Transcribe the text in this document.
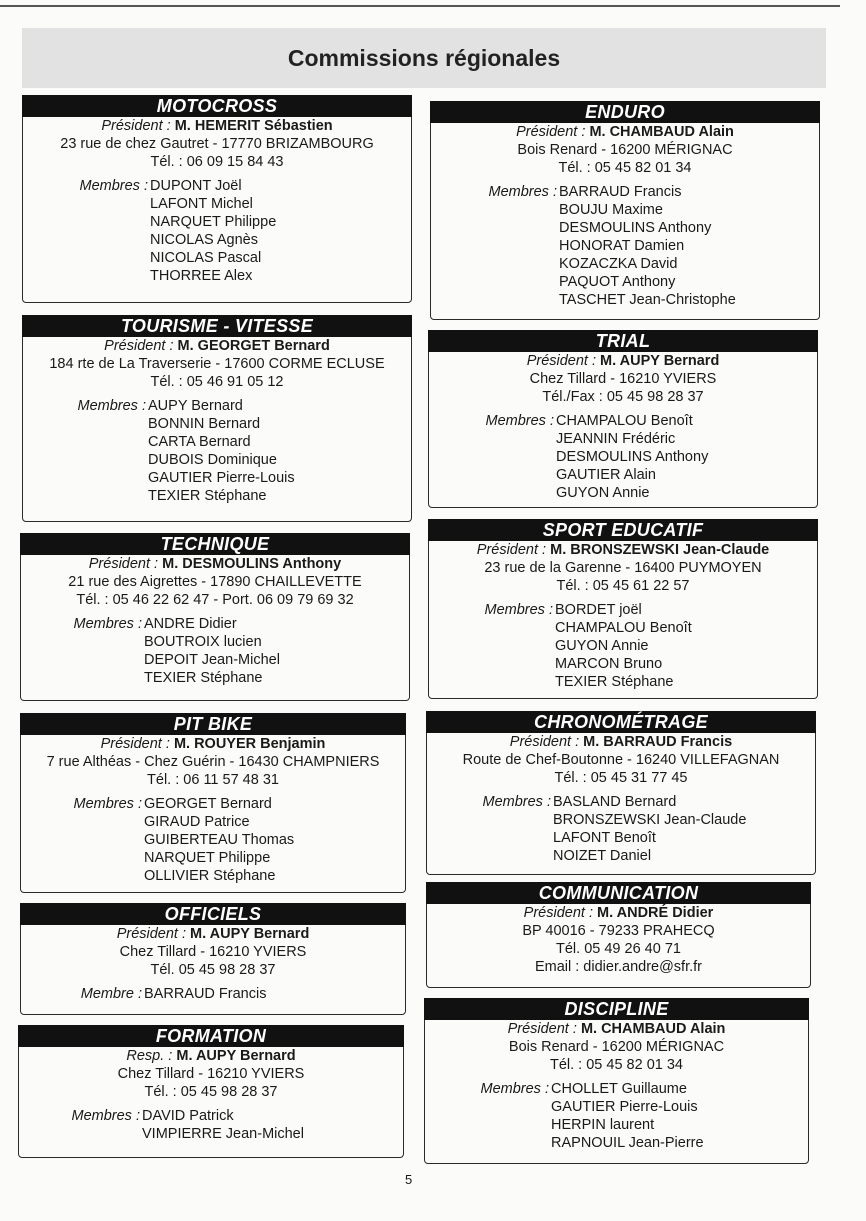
Commissions régionales
MOTOCROSS
Président : M. HEMERIT Sébastien
23 rue de chez Gautret - 17770 BRIZAMBOURG
Tél. : 06 09 15 84 43
Membres : DUPONT Joël
LAFONT Michel
NARQUET Philippe
NICOLAS Agnès
NICOLAS Pascal
THORREE Alex
TOURISME - VITESSE
Président : M. GEORGET Bernard
184 rte de La Traverserie - 17600 CORME ECLUSE
Tél. : 05 46 91 05 12
Membres : AUPY Bernard
BONNIN Bernard
CARTA Bernard
DUBOIS Dominique
GAUTIER Pierre-Louis
TEXIER Stéphane
TECHNIQUE
Président : M. DESMOULINS Anthony
21 rue des Aigrettes - 17890 CHAILLEVETTE
Tél. : 05 46 22 62 47 - Port. 06 09 79 69 32
Membres : ANDRE Didier
BOUTROIX lucien
DEPOIT Jean-Michel
TEXIER Stéphane
PIT BIKE
Président : M. ROUYER Benjamin
7 rue Althéas - Chez Guérin - 16430 CHAMPNIERS
Tél. : 06 11 57 48 31
Membres : GEORGET Bernard
GIRAUD Patrice
GUIBERTEAU Thomas
NARQUET Philippe
OLLIVIER Stéphane
OFFICIELS
Président : M. AUPY Bernard
Chez Tillard - 16210 YVIERS
Tél. 05 45 98 28 37
Membre : BARRAUD Francis
FORMATION
Resp. : M. AUPY Bernard
Chez Tillard - 16210 YVIERS
Tél. : 05 45 98 28 37
Membres : DAVID Patrick
VIMPIERRE Jean-Michel
ENDURO
Président : M. CHAMBAUD Alain
Bois Renard - 16200 MÉRIGNAC
Tél. : 05 45 82 01 34
Membres : BARRAUD Francis
BOUJU Maxime
DESMOULINS Anthony
HONORAT Damien
KOZACZKA David
PAQUOT Anthony
TASCHET Jean-Christophe
TRIAL
Président : M. AUPY Bernard
Chez Tillard - 16210 YVIERS
Tél./Fax : 05 45 98 28 37
Membres : CHAMPALOU Benoît
JEANNIN Frédéric
DESMOULINS Anthony
GAUTIER Alain
GUYON Annie
SPORT EDUCATIF
Président : M. BRONSZEWSKI Jean-Claude
23 rue de la Garenne - 16400 PUYMOYEN
Tél. : 05 45 61 22 57
Membres : BORDET joël
CHAMPALOU Benoît
GUYON Annie
MARCON Bruno
TEXIER Stéphane
CHRONOMÉTRAGE
Président : M. BARRAUD Francis
Route de Chef-Boutonne - 16240 VILLEFAGNAN
Tél. : 05 45 31 77 45
Membres : BASLAND Bernard
BRONSZEWSKI Jean-Claude
LAFONT Benoît
NOIZET Daniel
COMMUNICATION
Président : M. ANDRÉ Didier
BP 40016 - 79233 PRAHECQ
Tél. 05 49 26 40 71
Email : didier.andre@sfr.fr
DISCIPLINE
Président : M. CHAMBAUD Alain
Bois Renard - 16200 MÉRIGNAC
Tél. : 05 45 82 01 34
Membres : CHOLLET Guillaume
GAUTIER Pierre-Louis
HERPIN laurent
RAPNOUIL Jean-Pierre
5
